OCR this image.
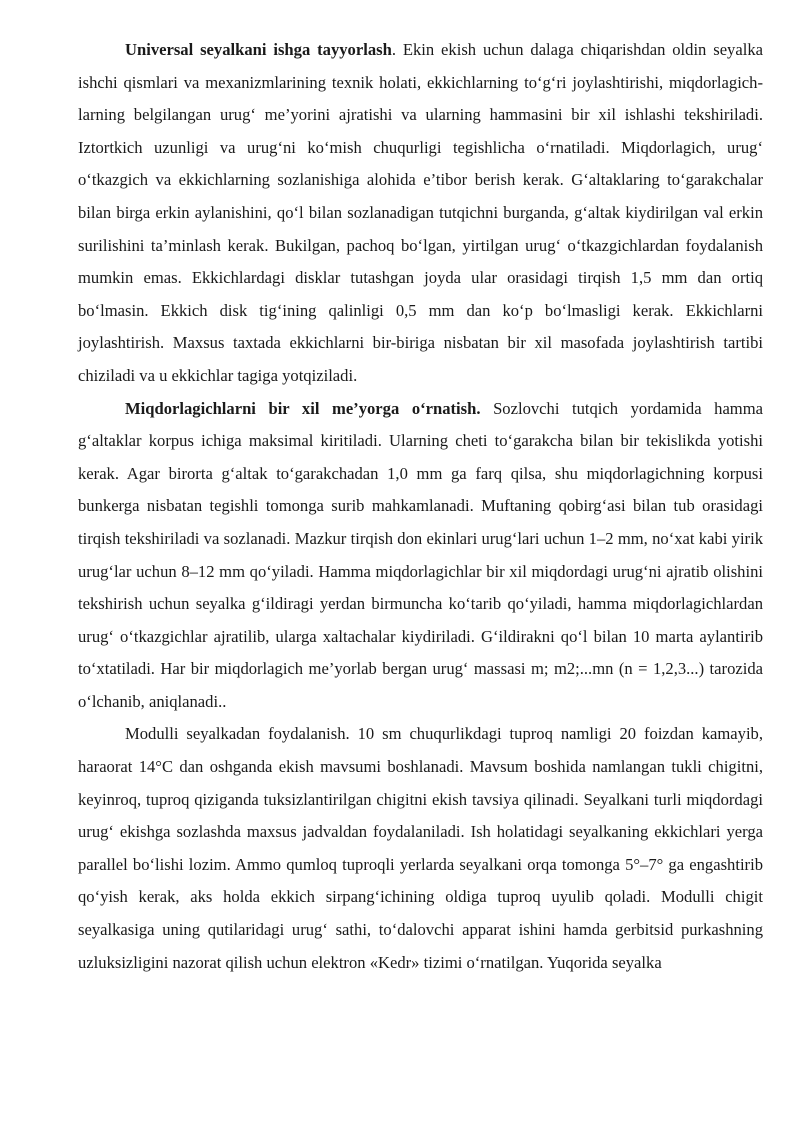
Universal seyalkani ishga tayyorlash. Ekin ekish uchun dalaga chiqarishdan oldin seyalka ishchi qismlari va mexanizmlarining texnik holati, ekkichlarning to‘g‘ri joylashtirishi, miqdorlagich-larning belgilangan urug‘ me’yorini ajratishi va ularning hammasini bir xil ishlashi tekshiriladi. Iztortkich uzunligi va urug‘ni ko‘mish chuqurligi tegishlicha o‘rnatiladi. Miqdorlagich, urug‘ o‘tkazgich va ekkichlarning sozlanishiga alohida e’tibor berish kerak. G‘altaklaring to‘garakchalar bilan birga erkin aylanishini, qo‘l bilan sozlanadigan tutqichni burganda, g‘altak kiydirilgan val erkin surilishini ta’minlash kerak. Bukilgan, pachoq bo‘lgan, yirtilgan urug‘ o‘tkazgichlardan foydalanish mumkin emas. Ekkichlardagi disklar tutashgan joyda ular orasidagi tirqish 1,5 mm dan ortiq bo‘lmasin. Ekkich disk tig‘ining qalinligi 0,5 mm dan ko‘p bo‘lmasligi kerak. Ekkichlarni joylashtirish. Maxsus taxtada ekkichlarni bir-biriga nisbatan bir xil masofada joylashtirish tartibi chiziladi va u ekkichlar tagiga yotqiziladi.

Miqdorlagichlarni bir xil me’yorga o‘rnatish. Sozlovchi tutqich yordamida hamma g‘altaklar korpus ichiga maksimal kiritiladi. Ularning cheti to‘garakcha bilan bir tekislikda yotishi kerak. Agar birorta g‘altak to‘garakchadan 1,0 mm ga farq qilsa, shu miqdorlagichning korpusi bunkerga nisbatan tegishli tomonga surib mahkamlanadi. Muftaning qobirg‘asi bilan tub orasidagi tirqish tekshiriladi va sozlanadi. Mazkur tirqish don ekinlari urug‘lari uchun 1–2 mm, no‘xat kabi yirik urug‘lar uchun 8–12 mm qo‘yiladi. Hamma miqdorlagichlar bir xil miqdordagi urug‘ni ajratib olishini tekshirish uchun seyalka g‘ildiragi yerdan birmuncha ko‘tarib qo‘yiladi, hamma miqdorlagichlardan urug‘ o‘tkazgichlar ajratilib, ularga xaltachalar kiydiriladi. G‘ildirakni qo‘l bilan 10 marta aylantirib to‘xtatiladi. Har bir miqdorlagich me’yorlab bergan urug‘ massasi m; m2;...mn (n = 1,2,3...) tarozida o‘lchanib, aniqlanadi..

Modulli seyalkadan foydalanish. 10 sm chuqurlikdagi tuproq namligi 20 foizdan kamayib, haraorat 14°C dan oshganda ekish mavsumi boshlanadi. Mavsum boshida namlangan tukli chigitni, keyinroq, tuproq qiziganda tuksizlantirilgan chigitni ekish tavsiya qilinadi. Seyalkani turli miqdordagi urug‘ ekishga sozlashda maxsus jadvaldan foydalaniladi. Ish holatidagi seyalkaning ekkichlari yerga parallel bo‘lishi lozim. Ammo qumloq tuproqli yerlarda seyalkani orqa tomonga 5°–7° ga engashtirib qo‘yish kerak, aks holda ekkich sirpang‘ichining oldiga tuproq uyulib qoladi. Modulli chigit seyalkasiga uning qutilaridagi urug‘ sathi, to‘dalovchi apparat ishini hamda gerbitsid purkashning uzluksizligini nazorat qilish uchun elektron «Kedr» tizimi o‘rnatilgan. Yuqorida seyalka
